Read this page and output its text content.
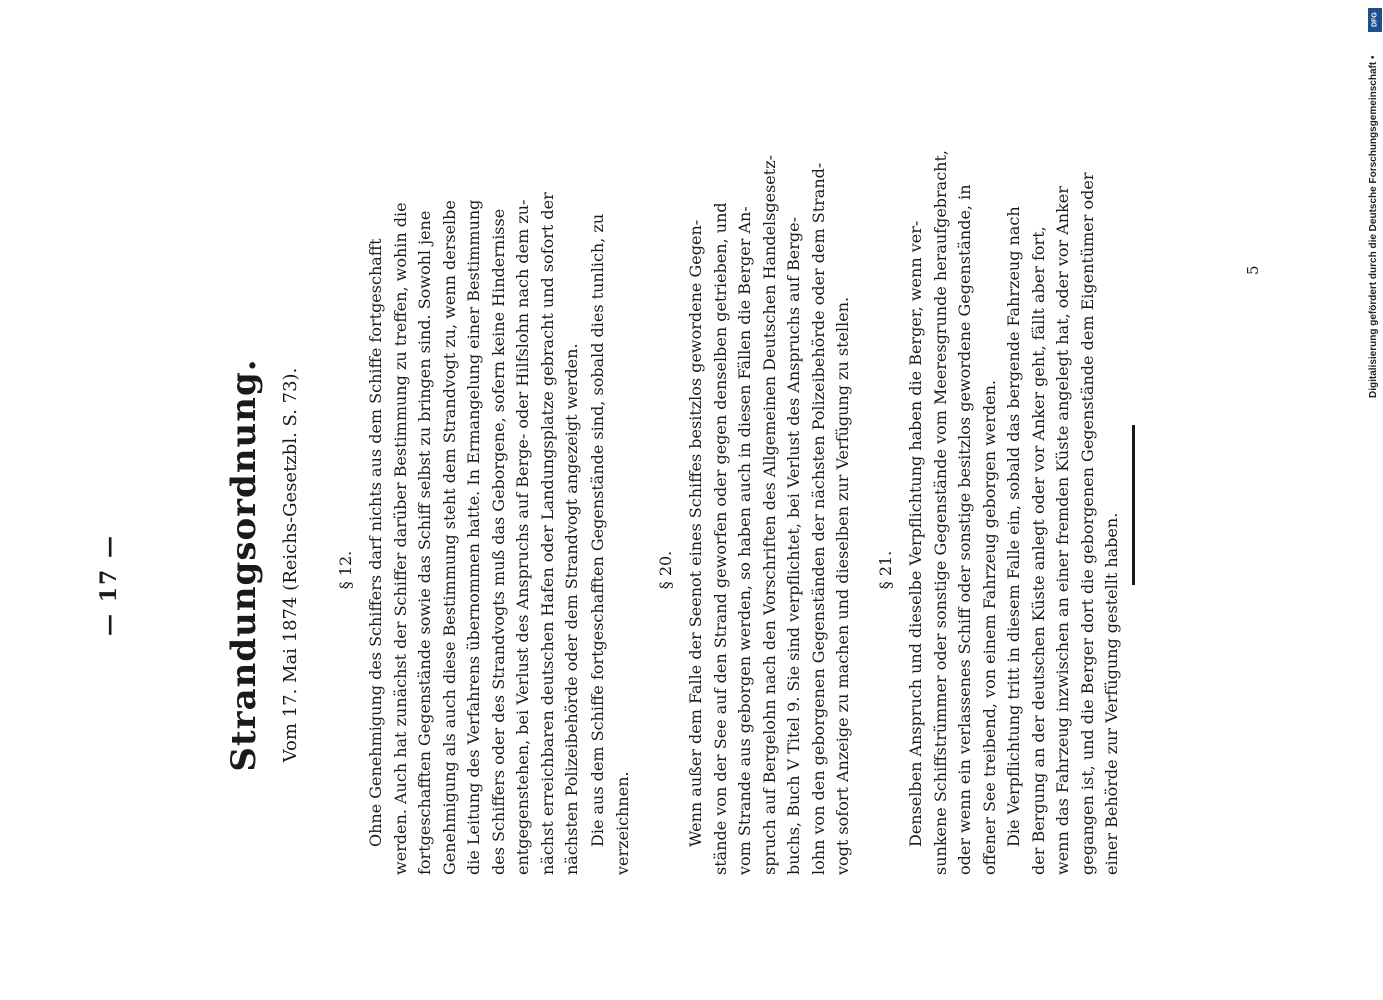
— 17 —	Strandungsordnung. Vom 17. Mai 1874 (Reichs-Gesetzbl. S. 73). § 12. Ohne Genehmigung des Schiffers darf nichts aus dem Schiffe fortgeschafft werden. Auch hat zunächst der Schiffer darüber Bestimmung zu treffen, wohin die fortgeschafften Gegenstände sowie das Schiff selbst zu bringen sind. Sowohl jene Genehmigung als auch diese Bestimmung steht dem Strandvogt zu, wenn derselbe die Leitung des Verfahrens übernommen hatte. In Ermangelung einer Bestimmung des Schiffers oder des Strandvogts muß das Geborgene, sofern keine Hindernisse entgegenstehen, bei Verlust des Anspruchs auf Berge- oder Hilfslohn nach dem zu- nächst erreichbaren deutschen Hafen oder Landungsplatze gebracht und sofort der nächsten Polizeibehörde oder dem Strandvogt angezeigt werden. Die aus dem Schiffe fortgeschafften Gegenstände sind, sobald dies tunlich, zu verzeichnen.
§ 20. Wenn außer dem Falle der Seenot eines Schiffes besitzlos gewordene Gegen- stände von der See auf den Strand geworfen oder gegen denselben getrieben, und vom Strande aus geborgen werden, so haben auch in diesen Fällen die Berger An- spruch auf Bergelohn nach den Vorschriften des Allgemeinen Deutschen Handelsgesetz- buchs, Buch V Titel 9. Sie sind verpflichtet, bei Verlust des Anspruchs auf Berge- lohn von den geborgenen Gegenständen der nächsten Polizeibehörde oder dem Strand- vogt sofort Anzeige zu machen und dieselben zur Verfügung zu stellen. § 21. Denselben Anspruch und dieselbe Verpflichtung haben die Berger, wenn ver- sunkene Schiffstrümmer oder sonstige Gegenstände vom Meeresgrunde heraufgebracht, oder wenn ein verlassenes Schiff oder sonstige besitzlos gewordene Gegenstände, in offener See treibend, von einem Fahrzeug geborgen werden. Die Verpflichtung tritt in diesem Falle ein, sobald das bergende Fahrzeug nach der Bergung an der deutschen Küste anlegt oder vor Anker geht, fällt aber fort, wenn das Fahrzeug inzwischen an einer fremden Küste angelegt hat, oder vor Anker gegangen ist, und die Berger dort die geborgenen Gegenstände dem Eigentümer oder einer Behörde zur Verfügung gestellt haben.
5
DFG
Digitalisierung gefördert durch die Deutsche Forschungsgemeinschaft •
